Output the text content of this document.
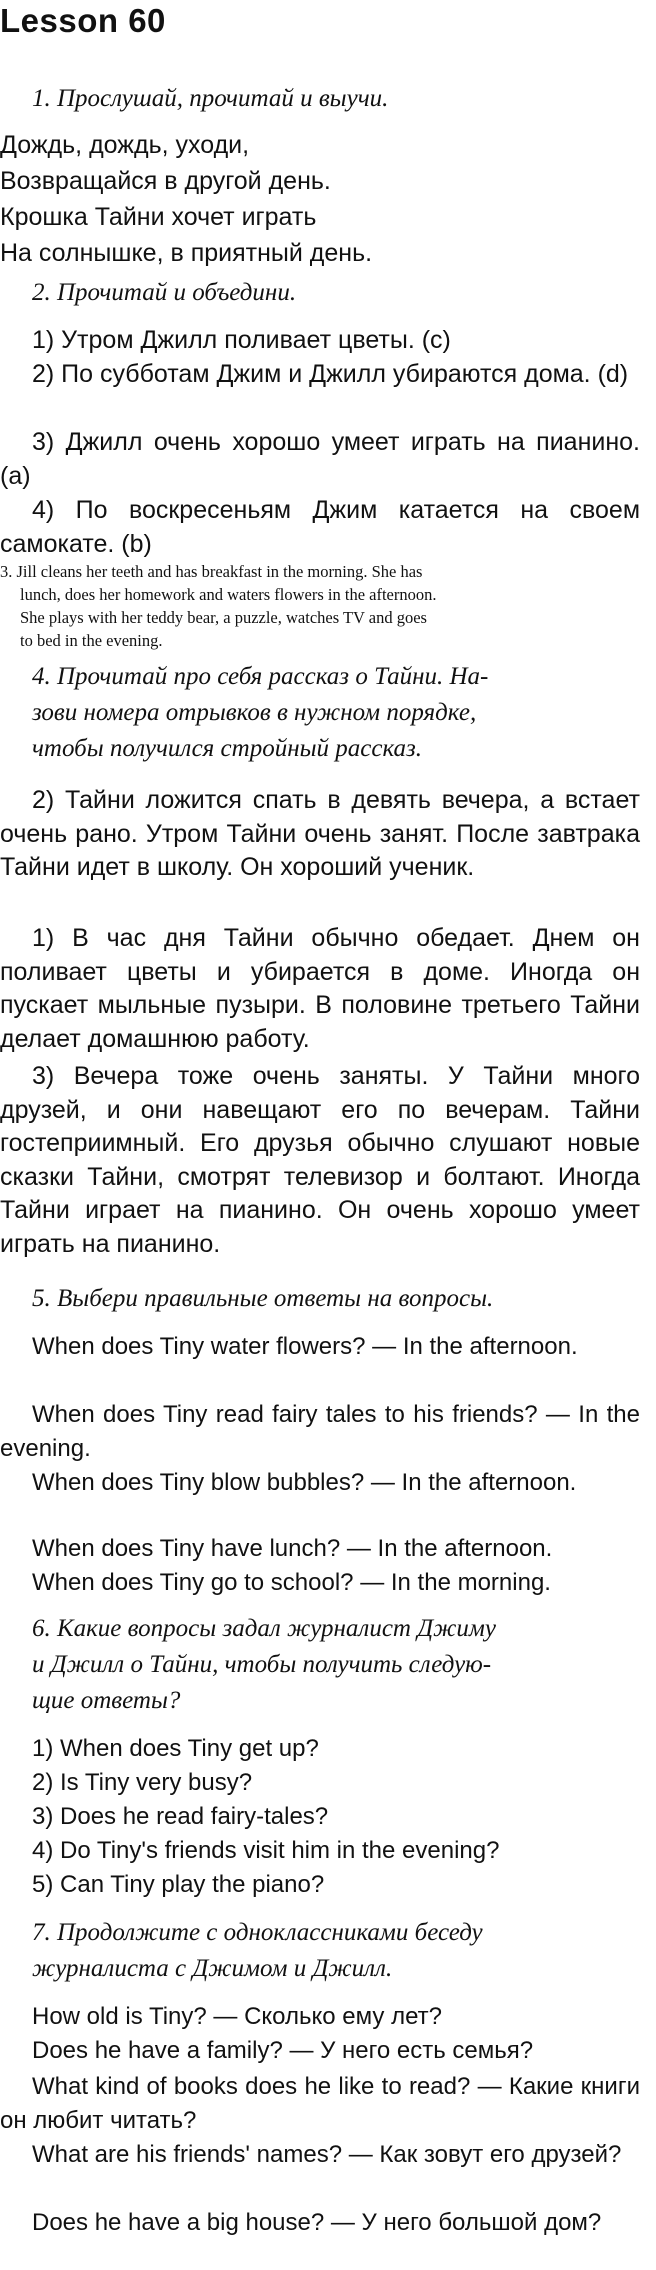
Lesson 60
1. Прослушай, прочитай и выучи.
Дождь, дождь, уходи,
Возвращайся в другой день.
Крошка Тайни хочет играть
На солнышке, в приятный день.
2. Прочитай и объедини.
1) Утром Джилл поливает цветы. (с)
2) По субботам Джим и Джилл убираются дома. (d)
3) Джилл очень хорошо умеет играть на пианино. (а)
4) По воскресеньям Джим катается на своем самокате. (b)
3. Jill cleans her teeth and has breakfast in the morning. She has
lunch, does her homework and waters flowers in the afternoon.
She plays with her teddy bear, a puzzle, watches TV and goes
to bed in the evening.
4. Прочитай про себя рассказ о Тайни. На-
зови номера отрывков в нужном порядке,
чтобы получился стройный рассказ.
2) Тайни ложится спать в девять вечера, а встает очень рано. Утром Тайни очень занят. После завтрака Тайни идет в школу. Он хороший ученик.
1) В час дня Тайни обычно обедает. Днем он поливает цветы и убирается в доме. Иногда он пускает мыльные пузыри. В половине третьего Тайни делает домашнюю работу.
3) Вечера тоже очень заняты. У Тайни много друзей, и они навещают его по вечерам. Тайни гостеприимный. Его друзья обычно слушают новые сказки Тайни, смотрят телевизор и болтают. Иногда Тайни играет на пианино. Он очень хорошо умеет играть на пианино.
5. Выбери правильные ответы на вопросы.
When does Tiny water flowers? — In the afternoon.
When does Tiny read fairy tales to his friends? — In the evening.
When does Tiny blow bubbles? — In the afternoon.
When does Tiny have lunch? — In the afternoon.
When does Tiny go to school? — In the morning.
6. Какие вопросы задал журналист Джиму
и Джилл о Тайни, чтобы получить следую-
щие ответы?
1) When does Tiny get up?
2) Is Tiny very busy?
3) Does he read fairy-tales?
4) Do Tiny's friends visit him in the evening?
5) Can Tiny play the piano?
7. Продолжите с одноклассниками беседу
журналиста с Джимом и Джилл.
How old is Tiny? — Сколько ему лет?
Does he have a family? — У него есть семья?
What kind of books does he like to read? — Какие книги он любит читать?
What are his friends' names? — Как зовут его друзей?
Does he have a big house? — У него большой дом?
